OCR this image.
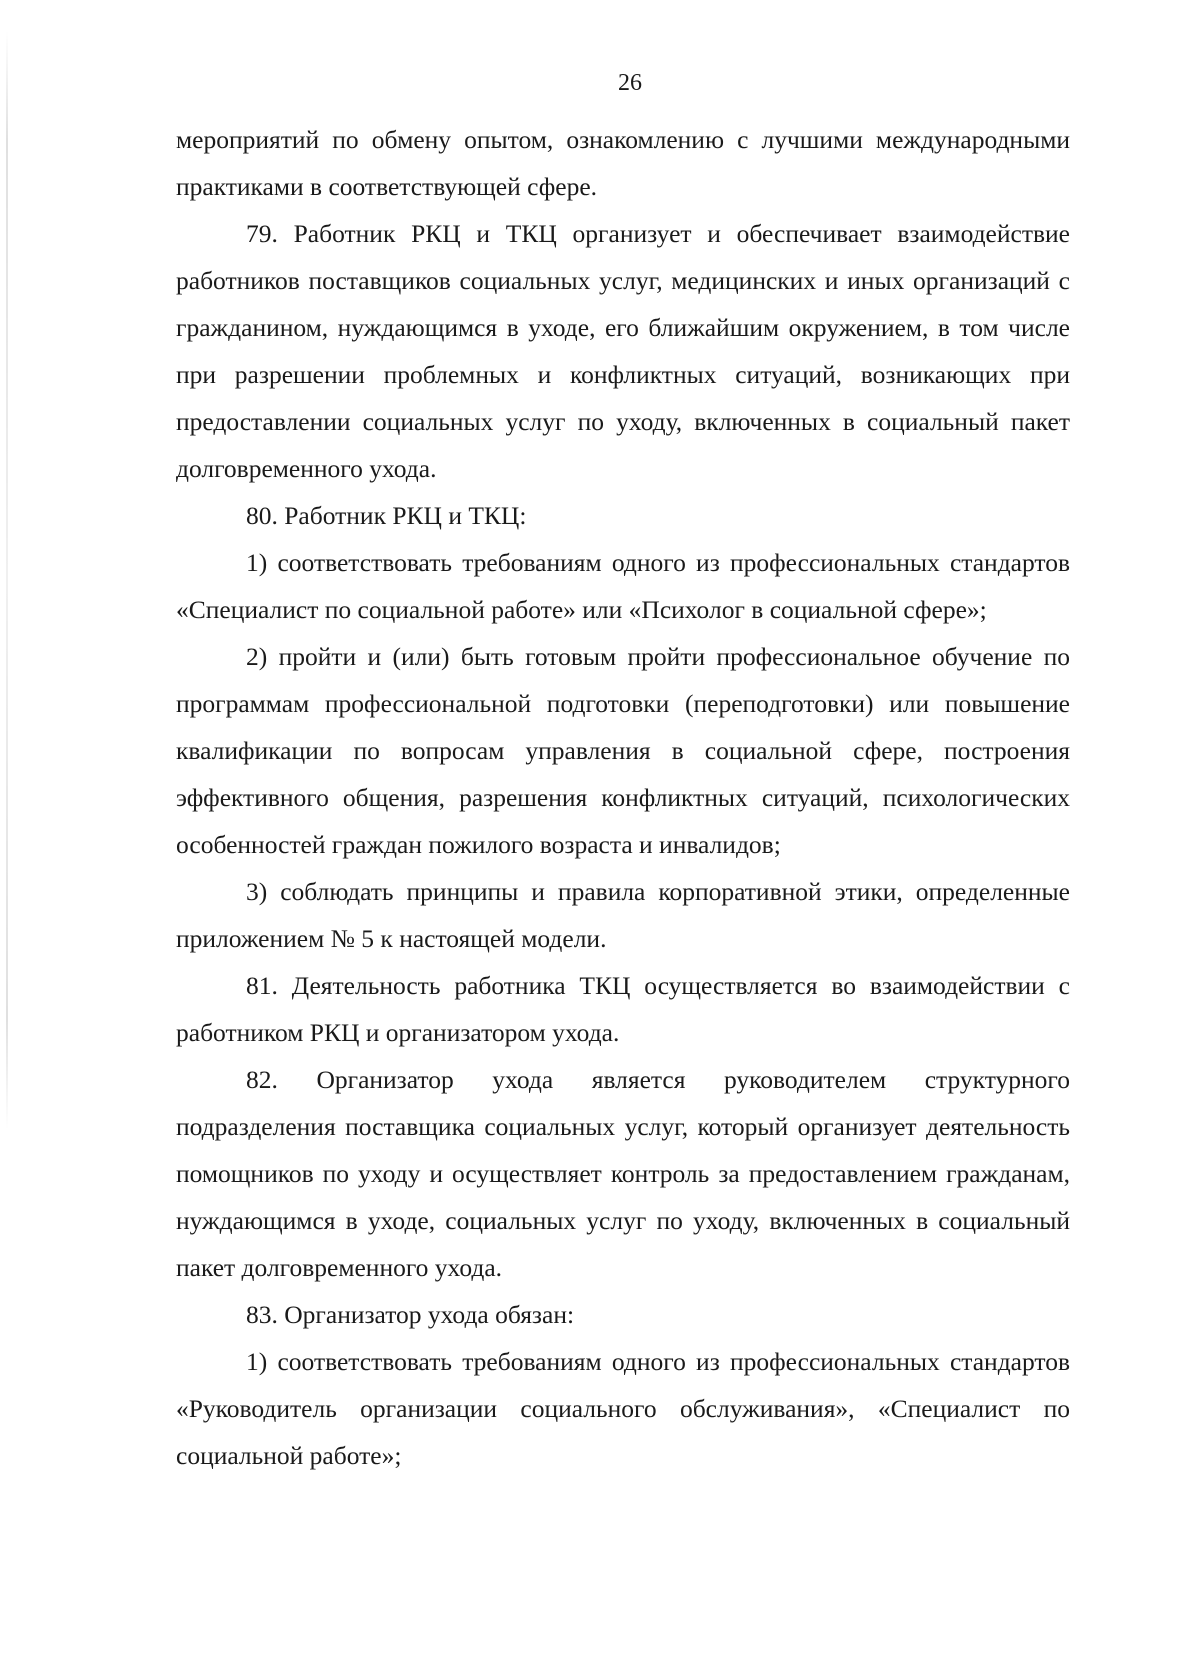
26

мероприятий по обмену опытом, ознакомлению с лучшими международными практиками в соответствующей сфере.

79. Работник РКЦ и ТКЦ организует и обеспечивает взаимодействие работников поставщиков социальных услуг, медицинских и иных организаций с гражданином, нуждающимся в уходе, его ближайшим окружением, в том числе при разрешении проблемных и конфликтных ситуаций, возникающих при предоставлении социальных услуг по уходу, включенных в социальный пакет долговременного ухода.

80. Работник РКЦ и ТКЦ:

1) соответствовать требованиям одного из профессиональных стандартов «Специалист по социальной работе» или «Психолог в социальной сфере»;

2) пройти и (или) быть готовым пройти профессиональное обучение по программам профессиональной подготовки (переподготовки) или повышение квалификации по вопросам управления в социальной сфере, построения эффективного общения, разрешения конфликтных ситуаций, психологических особенностей граждан пожилого возраста и инвалидов;

3) соблюдать принципы и правила корпоративной этики, определенные приложением № 5 к настоящей модели.

81. Деятельность работника ТКЦ осуществляется во взаимодействии с работником РКЦ и организатором ухода.

82. Организатор ухода является руководителем структурного подразделения поставщика социальных услуг, который организует деятельность помощников по уходу и осуществляет контроль за предоставлением гражданам, нуждающимся в уходе, социальных услуг по уходу, включенных в социальный пакет долговременного ухода.

83. Организатор ухода обязан:

1) соответствовать требованиям одного из профессиональных стандартов «Руководитель организации социального обслуживания», «Специалист по социальной работе»;
